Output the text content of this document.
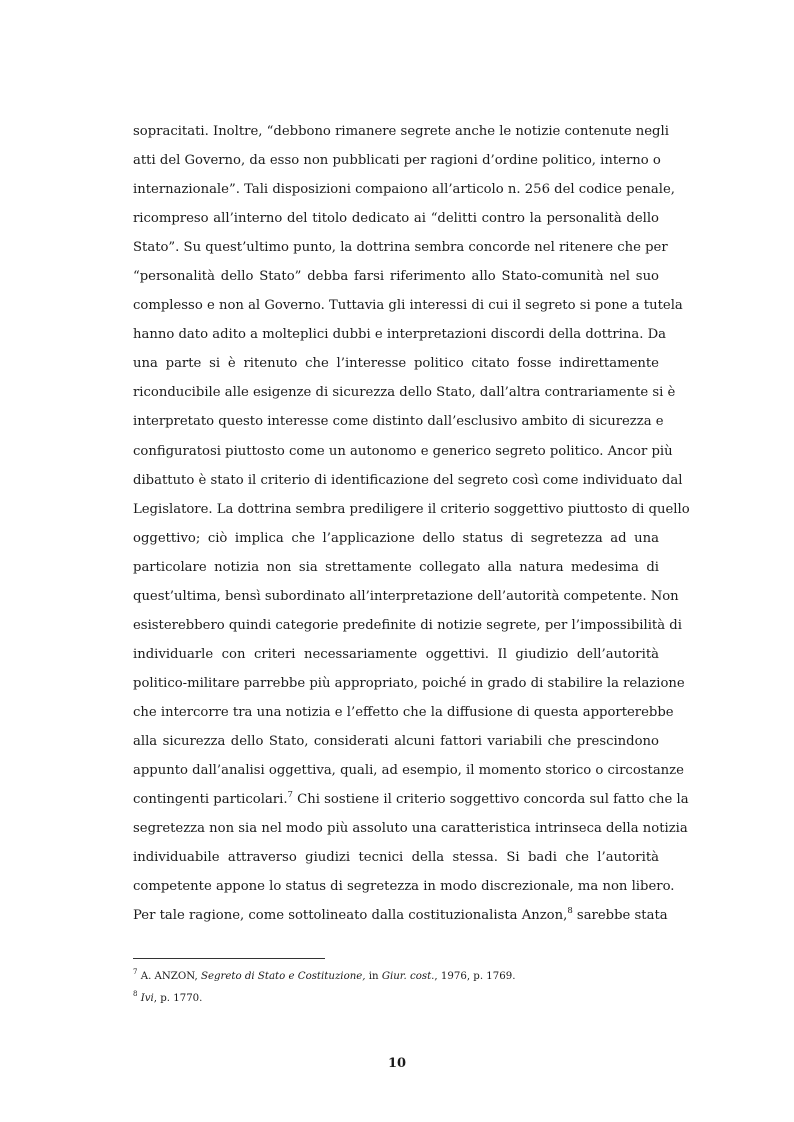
sopracitati. Inoltre, “debbono rimanere segrete anche le notizie contenute negli
atti del Governo, da esso non pubblicati per ragioni d’ordine politico, interno o
internazionale”. Tali disposizioni compaiono all’articolo n. 256 del codice penale,
ricompreso all’interno del titolo dedicato ai “delitti contro la personalità dello
Stato”. Su quest’ultimo punto, la dottrina sembra concorde nel ritenere che per
“personalità dello Stato” debba farsi riferimento allo Stato-comunità nel suo
complesso e non al Governo. Tuttavia gli interessi di cui il segreto si pone a tutela
hanno dato adito a molteplici dubbi e interpretazioni discordi della dottrina. Da
una parte si è ritenuto che l’interesse politico citato fosse indirettamente
riconducibile alle esigenze di sicurezza dello Stato, dall’altra contrariamente si è
interpretato questo interesse come distinto dall’esclusivo ambito di sicurezza e
configuratosi piuttosto come un autonomo e generico segreto politico. Ancor più
dibattuto è stato il criterio di identificazione del segreto così come individuato dal
Legislatore. La dottrina sembra prediligere il criterio soggettivo piuttosto di quello
oggettivo; ciò implica che l’applicazione dello status di segretezza ad una
particolare notizia non sia strettamente collegato alla natura medesima di
quest’ultima, bensì subordinato all’interpretazione dell’autorità competente. Non
esisterebbero quindi categorie predefinite di notizie segrete, per l’impossibilità di
individuarle con criteri necessariamente oggettivi. Il giudizio dell’autorità
politico-militare parrebbe più appropriato, poiché in grado di stabilire la relazione
che intercorre tra una notizia e l’effetto che la diffusione di questa apporterebbe
alla sicurezza dello Stato, considerati alcuni fattori variabili che prescindono
appunto dall’analisi oggettiva, quali, ad esempio, il momento storico o circostanze
contingenti particolari.$^7$ Chi sostiene il criterio soggettivo concorda sul fatto che la
segretezza non sia nel modo più assoluto una caratteristica intrinseca della notizia
individuabile attraverso giudizi tecnici della stessa. Si badi che l’autorità
competente appone lo status di segretezza in modo discrezionale, ma non libero.
Per tale ragione, come sottolineato dalla costituzionalista Anzon,$^8$ sarebbe stata
$^7$ A. ANZON, Segreto di Stato e Costituzione, in Giur. cost., 1976, p. 1769.
$^8$ Ivi, p. 1770.
10
